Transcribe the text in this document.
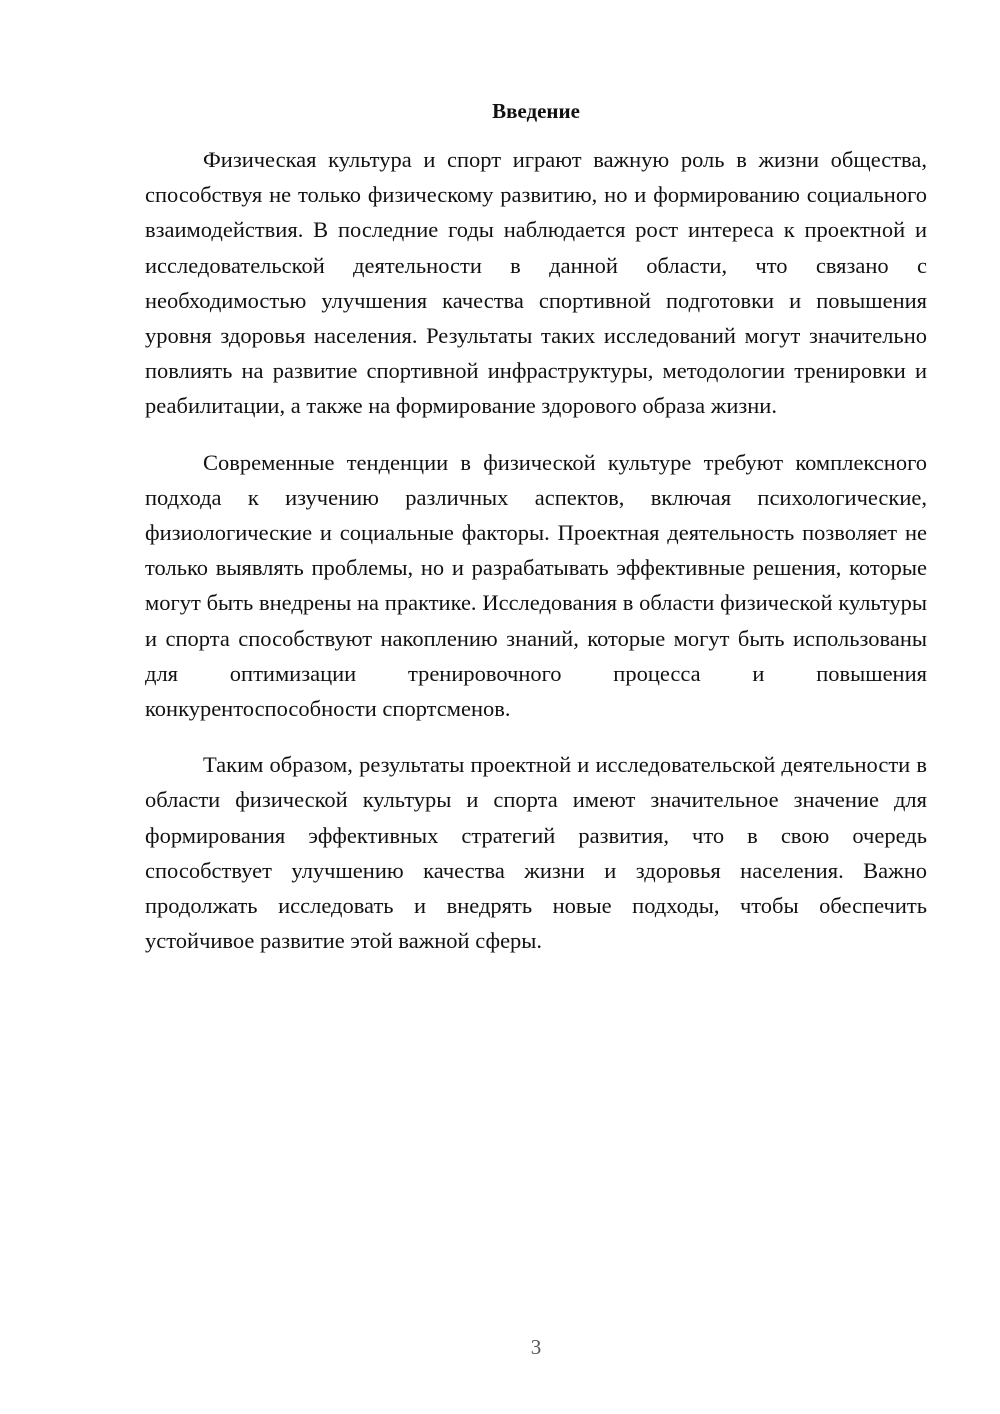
Введение

Физическая культура и спорт играют важную роль в жизни общества, способствуя не только физическому развитию, но и формированию социального взаимодействия. В последние годы наблюдается рост интереса к проектной и исследовательской деятельности в данной области, что связано с необходимостью улучшения качества спортивной подготовки и повышения уровня здоровья населения. Результаты таких исследований могут значительно повлиять на развитие спортивной инфраструктуры, методологии тренировки и реабилитации, а также на формирование здорового образа жизни.

Современные тенденции в физической культуре требуют комплексного подхода к изучению различных аспектов, включая психологические, физиологические и социальные факторы. Проектная деятельность позволяет не только выявлять проблемы, но и разрабатывать эффективные решения, которые могут быть внедрены на практике. Исследования в области физической культуры и спорта способствуют накоплению знаний, которые могут быть использованы для оптимизации тренировочного процесса и повышения конкурентоспособности спортсменов.

Таким образом, результаты проектной и исследовательской деятельности в области физической культуры и спорта имеют значительное значение для формирования эффективных стратегий развития, что в свою очередь способствует улучшению качества жизни и здоровья населения. Важно продолжать исследовать и внедрять новые подходы, чтобы обеспечить устойчивое развитие этой важной сферы.

3
